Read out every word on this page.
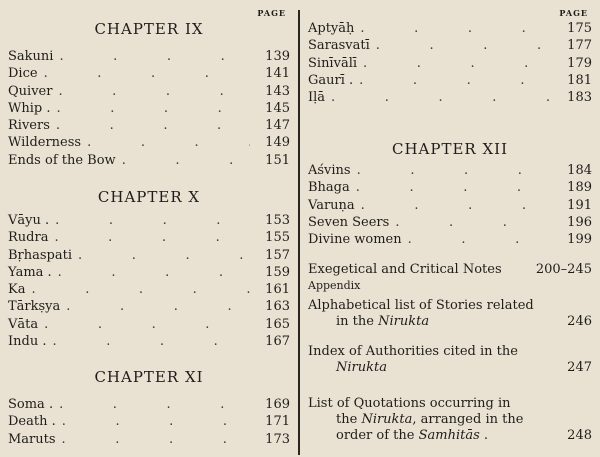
PAGE
CHAPTER IX
Sakuni .	139
Dice .	141
Quiver .	143
Whip . .	145
Rivers .	147
Wilderness .	149
Ends of the Bow .	151
CHAPTER X
Vāyu . .	153
Rudra .	155
Bṛhaspati .	157
Yama . .	159
Ka .	161
Tārkṣya .	163
Vāta .	165
Indu . .	167
CHAPTER XI
Soma . .	169
Death . .	171
Maruts .	173
PAGE
Aptyāḥ .	175
Sarasvatī .	177
Sinīvālī .	179
Gaurī . .	181
Iḷā .	183
CHAPTER XII
Aśvins .	184
Bhaga .	189
Varuṇa .	191
Seven Seers .	196
Divine women .	199
Exegetical and Critical Notes	200–245
Appendix
Alphabetical list of Stories related
in the Nirukta	246
Index of Authorities cited in the
Nirukta	247
List of Quotations occurring in
the Nirukta, arranged in the
order of the Samhitās .	248
